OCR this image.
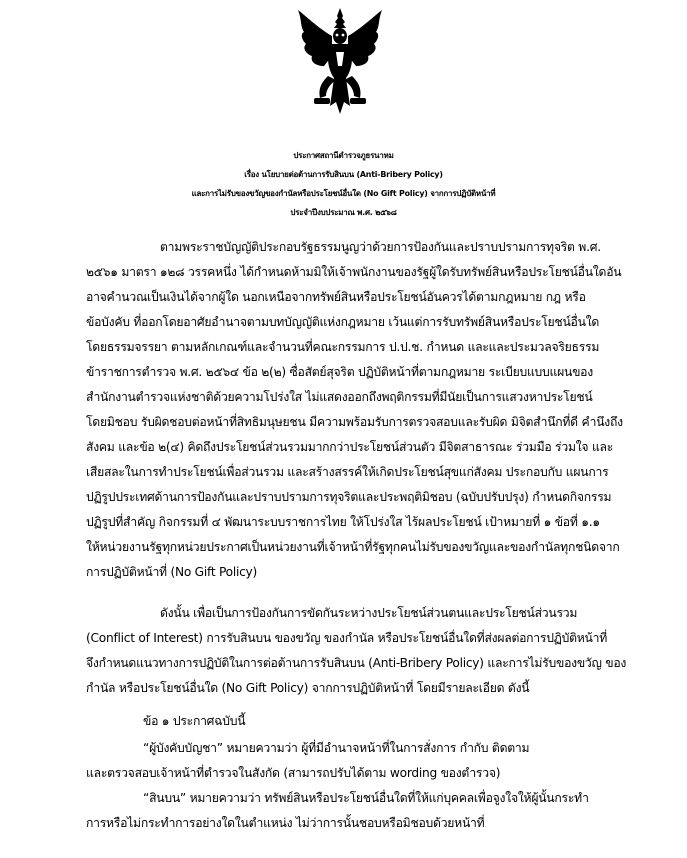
ประกาศสถานีตำรวจภูธรนาหม
เรื่อง นโยบายต่อต้านการรับสินบน (Anti-Bribery Policy)
และการไม่รับของขวัญของกำนัลหรือประโยชน์อื่นใด (No Gift Policy) จากการปฏิบัติหน้าที่
ประจำปีงบประมาณ พ.ศ. ๒๕๖๘
ตามพระราชบัญญัติประกอบรัฐธรรมนูญว่าด้วยการป้องกันและปราบปรามการทุจริต พ.ศ.
๒๕๖๑ มาตรา ๑๒๘ วรรคหนึ่ง ได้กำหนดห้ามมิให้เจ้าพนักงานของรัฐผู้ใดรับทรัพย์สินหรือประโยชน์อื่นใดอัน
อาจคำนวณเป็นเงินได้จากผู้ใด นอกเหนือจากทรัพย์สินหรือประโยชน์อันควรได้ตามกฎหมาย กฎ หรือ
ข้อบังคับ ที่ออกโดยอาศัยอำนาจตามบทบัญญัติแห่งกฎหมาย เว้นแต่การรับทรัพย์สินหรือประโยชน์อื่นใด
โดยธรรมจรรยา ตามหลักเกณฑ์และจำนวนที่คณะกรรมการ ป.ป.ช. กำหนด และและประมวลจริยธรรม
ข้าราชการตำรวจ พ.ศ. ๒๕๖๔ ข้อ ๒(๒) ซื่อสัตย์สุจริต ปฏิบัติหน้าที่ตามกฎหมาย ระเบียบแบบแผนของ
สำนักงานตำรวจแห่งชาติด้วยความโปร่งใส ไม่แสดงออกถึงพฤติกรรมที่มีนัยเป็นการแสวงหาประโยชน์
โดยมิชอบ รับผิดชอบต่อหน้าที่สิทธิมนุษยชน มีความพร้อมรับการตรวจสอบและรับผิด มิจิตสำนึกที่ดี คำนึงถึง
สังคม และข้อ ๒(๔) คิดถึงประโยชน์ส่วนรวมมากกว่าประโยชน์ส่วนตัว มีจิตสาธารณะ ร่วมมือ ร่วมใจ และ
เสียสละในการทำประโยชน์เพื่อส่วนรวม และสร้างสรรค์ให้เกิดประโยชน์สุขแก่สังคม ประกอบกับ แผนการ
ปฏิรูปประเทศด้านการป้องกันและปราบปรามการทุจริตและประพฤติมิชอบ (ฉบับปรับปรุง) กำหนดกิจกรรม
ปฏิรูปที่สำคัญ กิจกรรมที่ ๔ พัฒนาระบบราชการไทย ให้โปร่งใส ไร้ผลประโยชน์ เป้าหมายที่ ๑ ข้อที่ ๑.๑
ให้หน่วยงานรัฐทุกหน่วยประกาศเป็นหน่วยงานที่เจ้าหน้าที่รัฐทุกคนไม่รับของขวัญและของกำนัลทุกชนิดจาก
การปฏิบัติหน้าที่ (No Gift Policy)
ดังนั้น เพื่อเป็นการป้องกันการขัดกันระหว่างประโยชน์ส่วนตนและประโยชน์ส่วนรวม
(Conflict of Interest) การรับสินบน ของขวัญ ของกำนัล หรือประโยชน์อื่นใดที่ส่งผลต่อการปฏิบัติหน้าที่
จึงกำหนดแนวทางการปฏิบัติในการต่อต้านการรับสินบน (Anti-Bribery Policy) และการไม่รับของขวัญ ของ
กำนัล หรือประโยชน์อื่นใด (No Gift Policy) จากการปฏิบัติหน้าที่ โดยมีรายละเอียด ดังนี้
ข้อ ๑ ประกาศฉบับนี้
“ผู้บังคับบัญชา” หมายความว่า ผู้ที่มีอำนาจหน้าที่ในการสั่งการ กำกับ ติดตาม
และตรวจสอบเจ้าหน้าที่ตำรวจในสังกัด (สามารถปรับได้ตาม wording ของตำรวจ)
“สินบน” หมายความว่า ทรัพย์สินหรือประโยชน์อื่นใดที่ให้แก่บุคคลเพื่อจูงใจให้ผู้นั้นกระทำ
การหรือไม่กระทำการอย่างใดในตำแหน่ง ไม่ว่าการนั้นชอบหรือมิชอบด้วยหน้าที่
